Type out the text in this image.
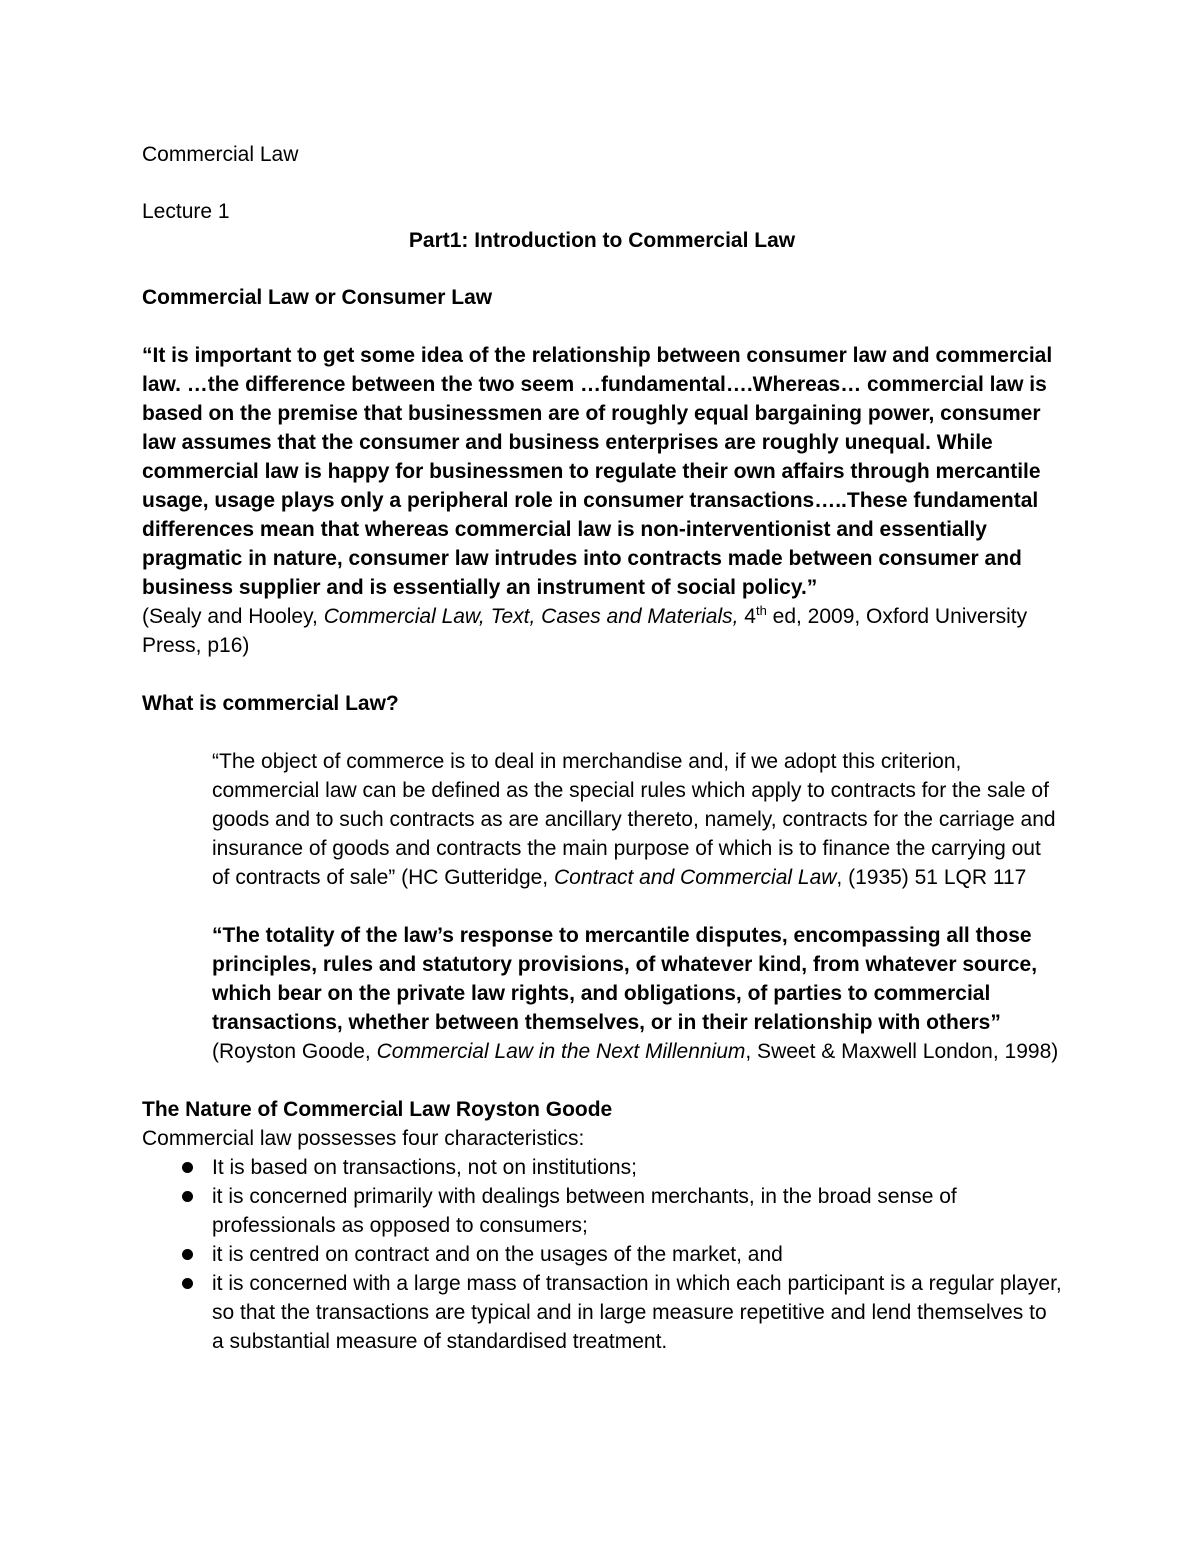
Commercial Law
Lecture 1
Part1: Introduction to Commercial Law
Commercial Law or Consumer Law
“It is important to get some idea of the relationship between consumer law and commercial law. …the difference between the two seem …fundamental….Whereas… commercial law is based on the premise that businessmen are of roughly equal bargaining power, consumer law assumes that the consumer and business enterprises are roughly unequal. While commercial law is happy for businessmen to regulate their own affairs through mercantile usage, usage plays only a peripheral role in consumer transactions…..These fundamental differences mean that whereas commercial law is non-interventionist and essentially pragmatic in nature, consumer law intrudes into contracts made between consumer and business supplier and is essentially an instrument of social policy.”
(Sealy and Hooley, Commercial Law, Text, Cases and Materials, 4th ed, 2009, Oxford University Press, p16)
What is commercial Law?
“The object of commerce is to deal in merchandise and, if we adopt this criterion, commercial law can be defined as the special rules which apply to contracts for the sale of goods and to such contracts as are ancillary thereto, namely, contracts for the carriage and insurance of goods and contracts the main purpose of which is to finance the carrying out of contracts of sale” (HC Gutteridge, Contract and Commercial Law, (1935) 51 LQR 117
“The totality of the law’s response to mercantile disputes, encompassing all those principles, rules and statutory provisions, of whatever kind, from whatever source, which bear on the private law rights, and obligations, of parties to commercial transactions, whether between themselves, or in their relationship with others” (Royston Goode, Commercial Law in the Next Millennium, Sweet & Maxwell London, 1998)
The Nature of Commercial Law Royston Goode
Commercial law possesses four characteristics:
It is based on transactions, not on institutions;
it is concerned primarily with dealings between merchants, in the broad sense of professionals as opposed to consumers;
it is centred on contract and on the usages of the market, and
it is concerned with a large mass of transaction in which each participant is a regular player, so that the transactions are typical and in large measure repetitive and lend themselves to a substantial measure of standardised treatment.
